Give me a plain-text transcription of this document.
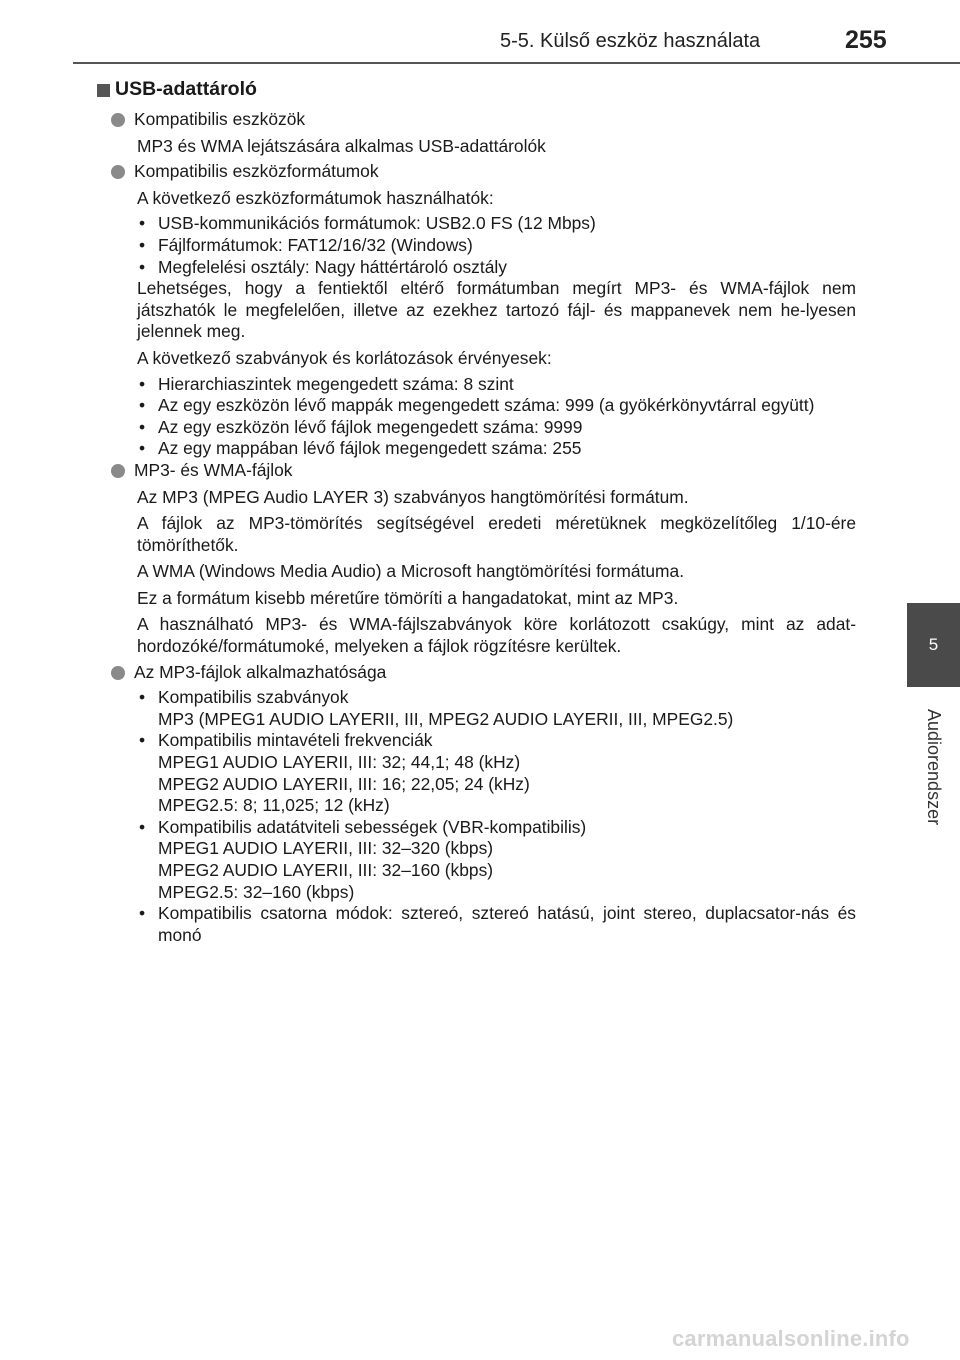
5-5. Külső eszköz használata	255
5
Audiorendszer
USB-adattároló
Kompatibilis eszközök
MP3 és WMA lejátszására alkalmas USB-adattárolók
Kompatibilis eszközformátumok
A következő eszközformátumok használhatók:
• USB-kommunikációs formátumok: USB2.0 FS (12 Mbps)
• Fájlformátumok: FAT12/16/32 (Windows)
• Megfelelési osztály: Nagy háttértároló osztály
Lehetséges, hogy a fentiektől eltérő formátumban megírt MP3- és WMA-fájlok nem játszhatók le megfelelően, illetve az ezekhez tartozó fájl- és mappanevek nem he-lyesen jelennek meg.
A következő szabványok és korlátozások érvényesek:
• Hierarchiaszintek megengedett száma: 8 szint
• Az egy eszközön lévő mappák megengedett száma: 999 (a gyökérkönyvtárral együtt)
• Az egy eszközön lévő fájlok megengedett száma: 9999
• Az egy mappában lévő fájlok megengedett száma: 255
MP3- és WMA-fájlok
Az MP3 (MPEG Audio LAYER 3) szabványos hangtömörítési formátum.
A fájlok az MP3-tömörítés segítségével eredeti méretüknek megközelítőleg 1/10-ére tömöríthetők.
A WMA (Windows Media Audio) a Microsoft hangtömörítési formátuma.
Ez a formátum kisebb méretűre tömöríti a hangadatokat, mint az MP3.
A használható MP3- és WMA-fájlszabványok köre korlátozott csakúgy, mint az adat-hordozóké/formátumoké, melyeken a fájlok rögzítésre kerültek.
Az MP3-fájlok alkalmazhatósága
• Kompatibilis szabványok
MP3 (MPEG1 AUDIO LAYERII, III, MPEG2 AUDIO LAYERII, III, MPEG2.5)
• Kompatibilis mintavételi frekvenciák
MPEG1 AUDIO LAYERII, III: 32; 44,1; 48 (kHz)
MPEG2 AUDIO LAYERII, III: 16; 22,05; 24 (kHz)
MPEG2.5: 8; 11,025; 12 (kHz)
• Kompatibilis adatátviteli sebességek (VBR-kompatibilis)
MPEG1 AUDIO LAYERII, III: 32–320 (kbps)
MPEG2 AUDIO LAYERII, III: 32–160 (kbps)
MPEG2.5: 32–160 (kbps)
• Kompatibilis csatorna módok: sztereó, sztereó hatású, joint stereo, duplacsator-nás és monó
carmanualsonline.info
